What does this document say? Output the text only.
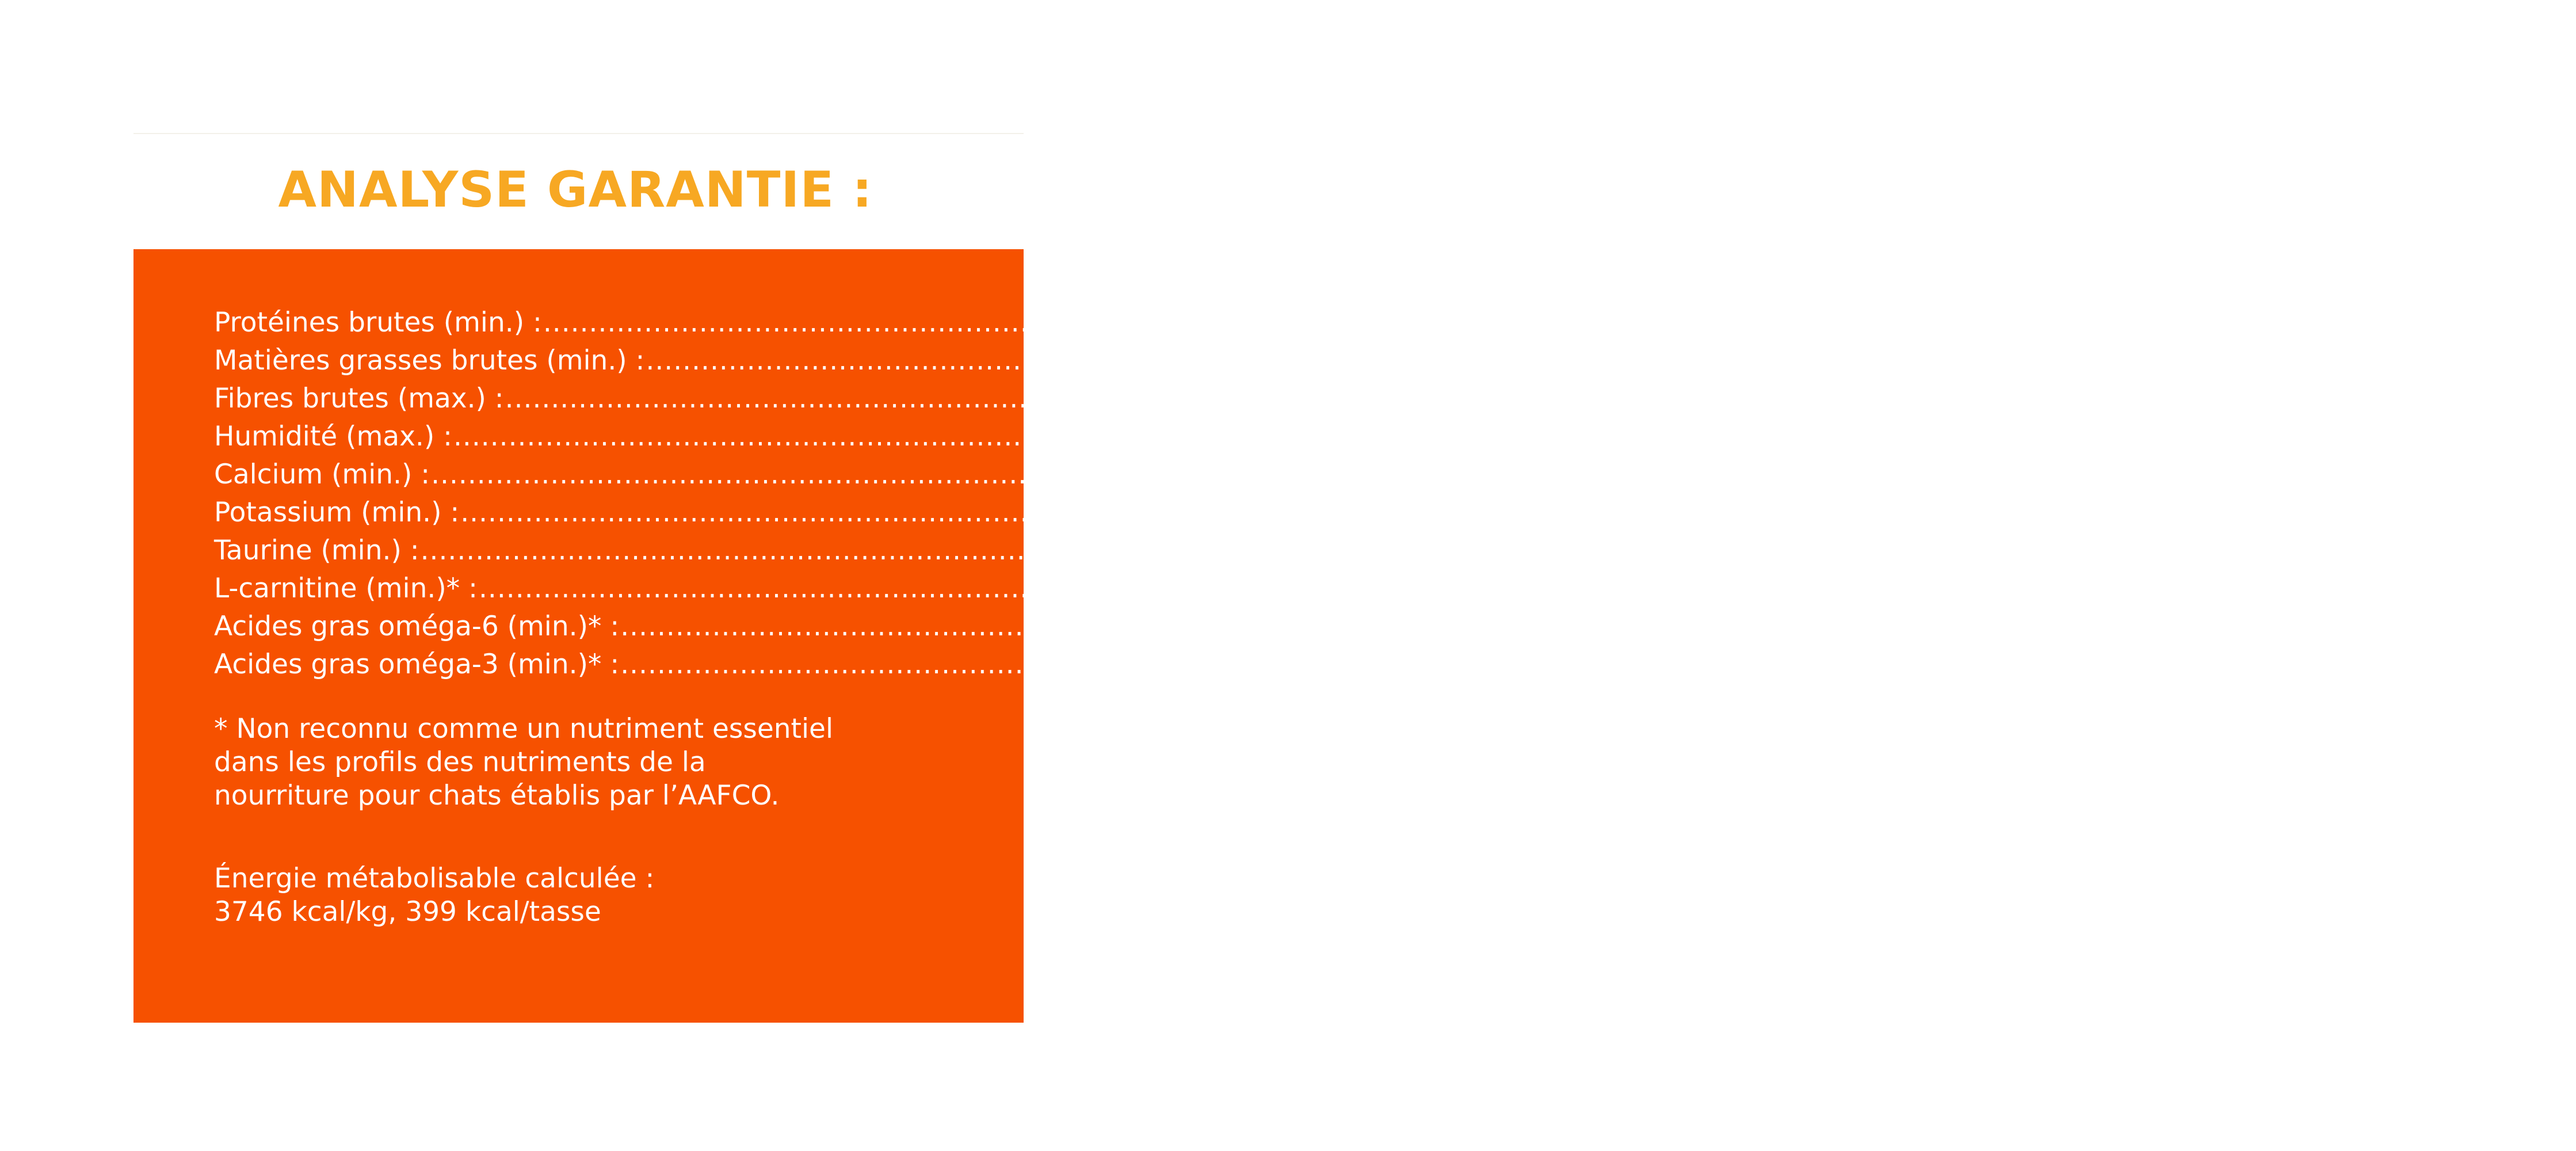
ANALYSE GARANTIE :
Protéines brutes (min.) : ........................................................................................................................................................................................................ 32,0 %
Matières grasses brutes (min.) : ........................................................................................................................................................................................................ 15,0 %
Fibres brutes (max.) : ........................................................................................................................................................................................................ 3,0 %
Humidité (max.) : ........................................................................................................................................................................................................ 10,0 %
Calcium (min.) : ........................................................................................................................................................................................................ 0,8 %
Potassium (min.) : ........................................................................................................................................................................................................ 0,7 %
Taurine (min.) : ........................................................................................................................................................................................................ 0,15 %
L-carnitine (min.)* : ........................................................................................................................................................................................................ 80 mg/kg
Acides gras oméga-6 (min.)* : ........................................................................................................................................................................................................ 3,0 %
Acides gras oméga-3 (min.)* : ........................................................................................................................................................................................................ 0,30 %
* Non reconnu comme un nutriment essentiel
dans les profils des nutriments de la
nourriture pour chats établis par l’AAFCO.
Énergie métabolisable calculée :
3746 kcal/kg, 399 kcal/tasse
